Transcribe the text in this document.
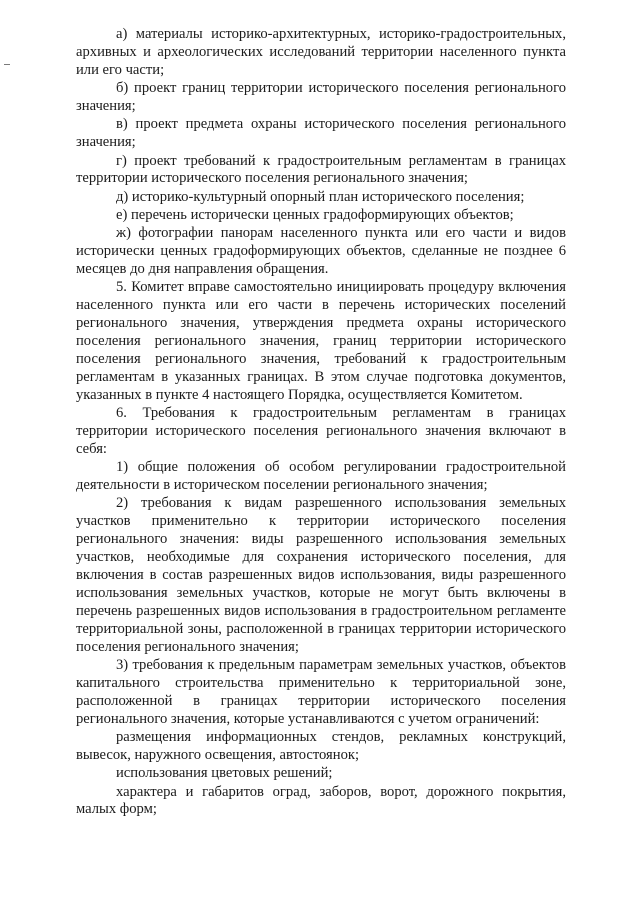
а) материалы историко-архитектурных, историко-градостроительных, архивных и археологических исследований территории населенного пункта или его части;

б) проект границ территории исторического поселения регионального значения;

в) проект предмета охраны исторического поселения регионального значения;

г) проект требований к градостроительным регламентам в границах территории исторического поселения регионального значения;

д) историко-культурный опорный план исторического поселения;

е) перечень исторически ценных градоформирующих объектов;

ж) фотографии панорам населенного пункта или его части и видов исторически ценных градоформирующих объектов, сделанные не позднее 6 месяцев до дня направления обращения.

5. Комитет вправе самостоятельно инициировать процедуру включения населенного пункта или его части в перечень исторических поселений регионального значения, утверждения предмета охраны исторического поселения регионального значения, границ территории исторического поселения регионального значения, требований к градостроительным регламентам в указанных границах. В этом случае подготовка документов, указанных в пункте 4 настоящего Порядка, осуществляется Комитетом.

6. Требования к градостроительным регламентам в границах территории исторического поселения регионального значения включают в себя:

1) общие положения об особом регулировании градостроительной деятельности в историческом поселении регионального значения;

2) требования к видам разрешенного использования земельных участков применительно к территории исторического поселения регионального значения: виды разрешенного использования земельных участков, необходимые для сохранения исторического поселения, для включения в состав разрешенных видов использования, виды разрешенного использования земельных участков, которые не могут быть включены в перечень разрешенных видов использования в градостроительном регламенте территориальной зоны, расположенной в границах территории исторического поселения регионального значения;

3) требования к предельным параметрам земельных участков, объектов капитального строительства применительно к территориальной зоне, расположенной в границах территории исторического поселения регионального значения, которые устанавливаются с учетом ограничений:

размещения информационных стендов, рекламных конструкций, вывесок, наружного освещения, автостоянок;

использования цветовых решений;

характера и габаритов оград, заборов, ворот, дорожного покрытия, малых форм;
